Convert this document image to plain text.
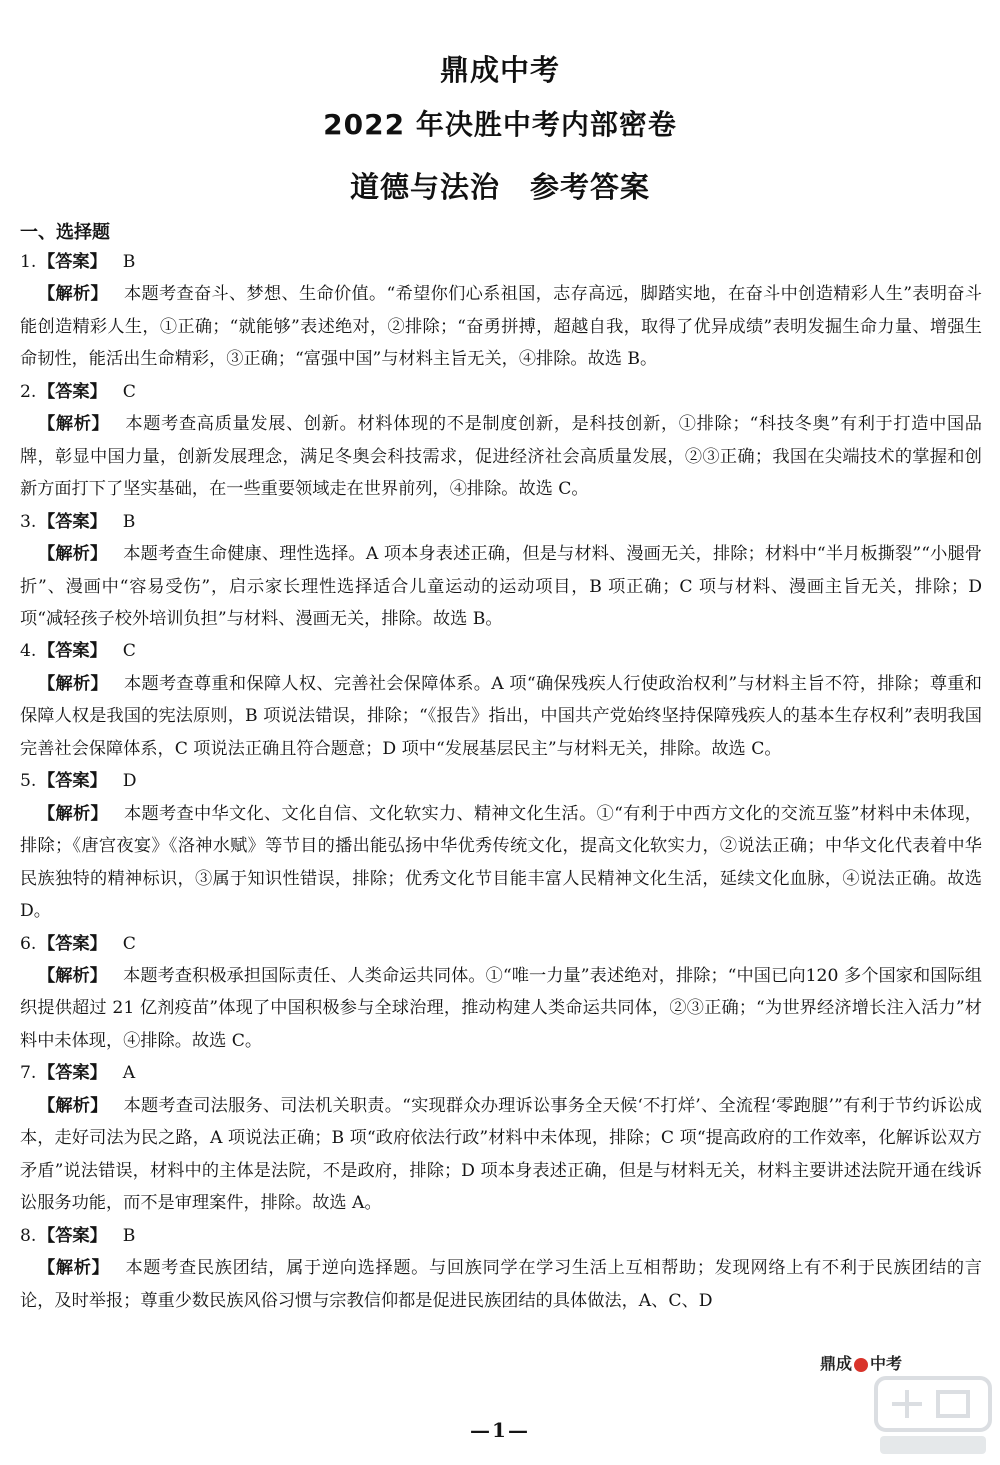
鼎成中考
2022 年决胜中考内部密卷
道德与法治　参考答案
一、选择题
1.【答案】 B
【解析】 本题考查奋斗、梦想、生命价值。“希望你们心系祖国，志存高远，脚踏实地，在奋斗中创造精彩人生”表明奋斗能创造精彩人生，①正确；“就能够”表述绝对，②排除；“奋勇拼搏，超越自我，取得了优异成绩”表明发掘生命力量、增强生命韧性，能活出生命精彩，③正确；“富强中国”与材料主旨无关，④排除。故选 B。
2.【答案】 C
【解析】 本题考查高质量发展、创新。材料体现的不是制度创新，是科技创新，①排除；“科技冬奥”有利于打造中国品牌，彰显中国力量，创新发展理念，满足冬奥会科技需求，促进经济社会高质量发展，②③正确；我国在尖端技术的掌握和创新方面打下了坚实基础，在一些重要领域走在世界前列，④排除。故选 C。
3.【答案】 B
【解析】 本题考查生命健康、理性选择。A 项本身表述正确，但是与材料、漫画无关，排除；材料中“半月板撕裂”“小腿骨折”、漫画中“容易受伤”，启示家长理性选择适合儿童运动的运动项目，B 项正确；C 项与材料、漫画主旨无关，排除；D 项“减轻孩子校外培训负担”与材料、漫画无关，排除。故选 B。
4.【答案】 C
【解析】 本题考查尊重和保障人权、完善社会保障体系。A 项“确保残疾人行使政治权利”与材料主旨不符，排除；尊重和保障人权是我国的宪法原则，B 项说法错误，排除；“《报告》指出，中国共产党始终坚持保障残疾人的基本生存权利”表明我国完善社会保障体系，C 项说法正确且符合题意；D 项中“发展基层民主”与材料无关，排除。故选 C。
5.【答案】 D
【解析】 本题考查中华文化、文化自信、文化软实力、精神文化生活。①“有利于中西方文化的交流互鉴”材料中未体现，排除；《唐宫夜宴》《洛神水赋》等节目的播出能弘扬中华优秀传统文化，提高文化软实力，②说法正确；中华文化代表着中华民族独特的精神标识，③属于知识性错误，排除；优秀文化节目能丰富人民精神文化生活，延续文化血脉，④说法正确。故选 D。
6.【答案】 C
【解析】 本题考查积极承担国际责任、人类命运共同体。①“唯一力量”表述绝对，排除；“中国已向120 多个国家和国际组织提供超过 21 亿剂疫苗”体现了中国积极参与全球治理，推动构建人类命运共同体，②③正确；“为世界经济增长注入活力”材料中未体现，④排除。故选 C。
7.【答案】 A
【解析】 本题考查司法服务、司法机关职责。“实现群众办理诉讼事务全天候‘不打烊’、全流程‘零跑腿’”有利于节约诉讼成本，走好司法为民之路，A 项说法正确；B 项“政府依法行政”材料中未体现，排除；C 项“提高政府的工作效率，化解诉讼双方矛盾”说法错误，材料中的主体是法院，不是政府，排除；D 项本身表述正确，但是与材料无关，材料主要讲述法院开通在线诉讼服务功能，而不是审理案件，排除。故选 A。
8.【答案】 B
【解析】 本题考查民族团结，属于逆向选择题。与回族同学在学习生活上互相帮助；发现网络上有不利于民族团结的言论，及时举报；尊重少数民族风俗习惯与宗教信仰都是促进民族团结的具体做法，A、C、D
鼎成 中考
—1—
